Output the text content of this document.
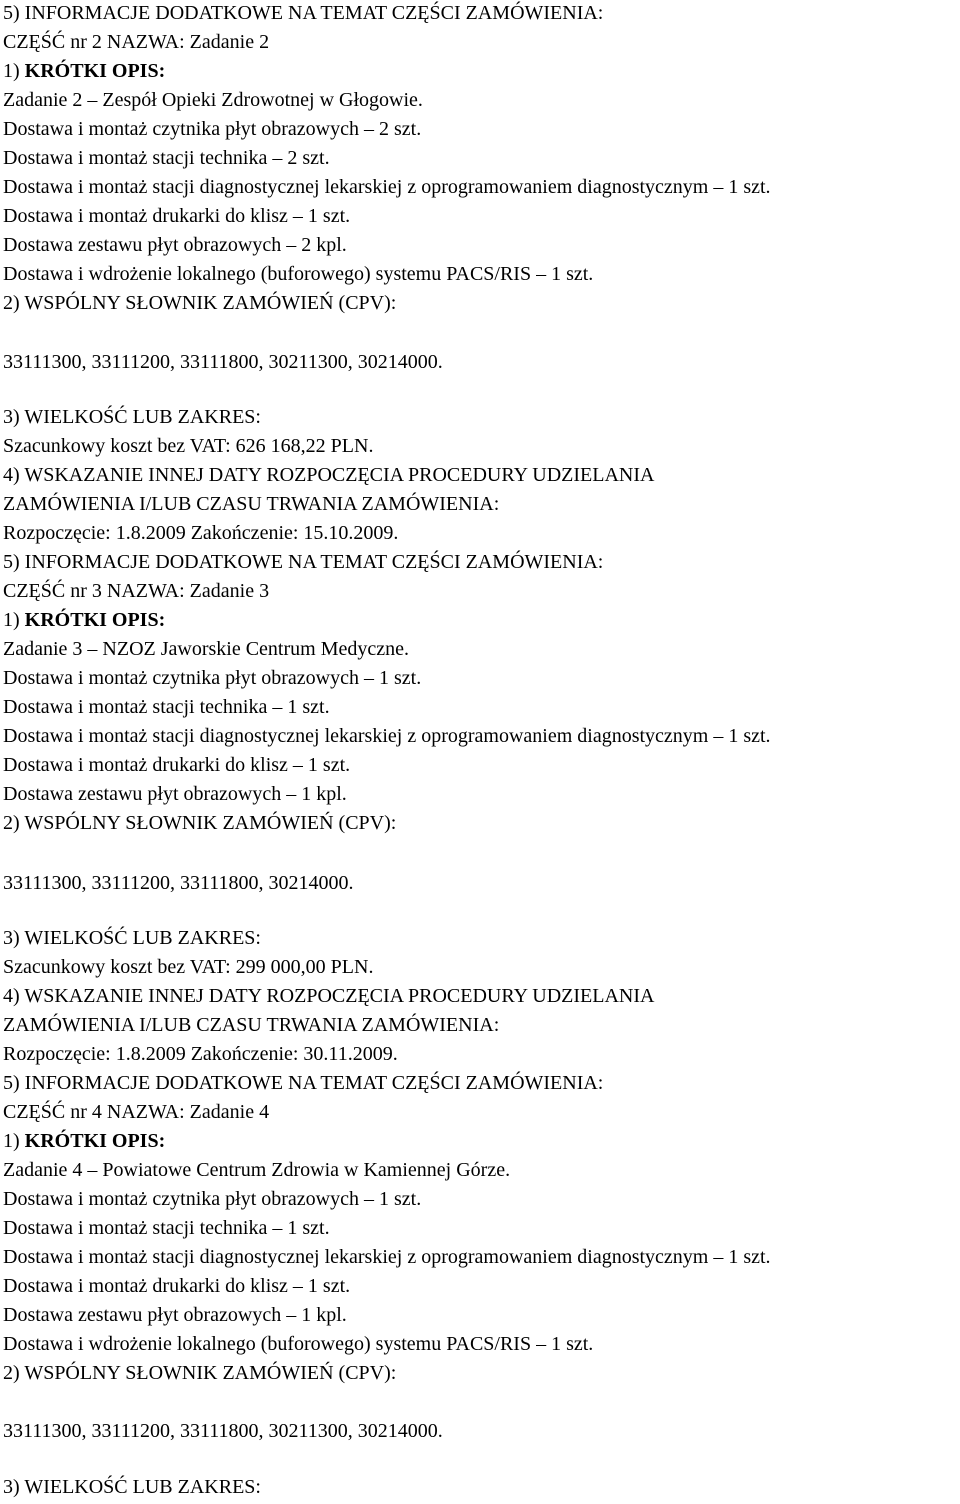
5) INFORMACJE DODATKOWE NA TEMAT CZĘŚCI ZAMÓWIENIA:
CZĘŚĆ nr 2 NAZWA: Zadanie 2
1) KRÓTKI OPIS:
Zadanie 2 – Zespół Opieki Zdrowotnej w Głogowie.
Dostawa i montaż czytnika płyt obrazowych – 2 szt.
Dostawa i montaż stacji technika – 2 szt.
Dostawa i montaż stacji diagnostycznej lekarskiej z oprogramowaniem diagnostycznym – 1 szt.
Dostawa i montaż drukarki do klisz – 1 szt.
Dostawa zestawu płyt obrazowych – 2 kpl.
Dostawa i wdrożenie lokalnego (buforowego) systemu PACS/RIS – 1 szt.
2) WSPÓLNY SŁOWNIK ZAMÓWIEŃ (CPV):
33111300, 33111200, 33111800, 30211300, 30214000.
3) WIELKOŚĆ LUB ZAKRES:
Szacunkowy koszt bez VAT: 626 168,22 PLN.
4) WSKAZANIE INNEJ DATY ROZPOCZĘCIA PROCEDURY UDZIELANIA
ZAMÓWIENIA I/LUB CZASU TRWANIA ZAMÓWIENIA:
Rozpoczęcie: 1.8.2009 Zakończenie: 15.10.2009.
5) INFORMACJE DODATKOWE NA TEMAT CZĘŚCI ZAMÓWIENIA:
CZĘŚĆ nr 3 NAZWA: Zadanie 3
1) KRÓTKI OPIS:
Zadanie 3 – NZOZ Jaworskie Centrum Medyczne.
Dostawa i montaż czytnika płyt obrazowych – 1 szt.
Dostawa i montaż stacji technika – 1 szt.
Dostawa i montaż stacji diagnostycznej lekarskiej z oprogramowaniem diagnostycznym – 1 szt.
Dostawa i montaż drukarki do klisz – 1 szt.
Dostawa zestawu płyt obrazowych – 1 kpl.
2) WSPÓLNY SŁOWNIK ZAMÓWIEŃ (CPV):
33111300, 33111200, 33111800, 30214000.
3) WIELKOŚĆ LUB ZAKRES:
Szacunkowy koszt bez VAT: 299 000,00 PLN.
4) WSKAZANIE INNEJ DATY ROZPOCZĘCIA PROCEDURY UDZIELANIA
ZAMÓWIENIA I/LUB CZASU TRWANIA ZAMÓWIENIA:
Rozpoczęcie: 1.8.2009 Zakończenie: 30.11.2009.
5) INFORMACJE DODATKOWE NA TEMAT CZĘŚCI ZAMÓWIENIA:
CZĘŚĆ nr 4 NAZWA: Zadanie 4
1) KRÓTKI OPIS:
Zadanie 4 – Powiatowe Centrum Zdrowia w Kamiennej Górze.
Dostawa i montaż czytnika płyt obrazowych – 1 szt.
Dostawa i montaż stacji technika – 1 szt.
Dostawa i montaż stacji diagnostycznej lekarskiej z oprogramowaniem diagnostycznym – 1 szt.
Dostawa i montaż drukarki do klisz – 1 szt.
Dostawa zestawu płyt obrazowych – 1 kpl.
Dostawa i wdrożenie lokalnego (buforowego) systemu PACS/RIS – 1 szt.
2) WSPÓLNY SŁOWNIK ZAMÓWIEŃ (CPV):
33111300, 33111200, 33111800, 30211300, 30214000.
3) WIELKOŚĆ LUB ZAKRES:
